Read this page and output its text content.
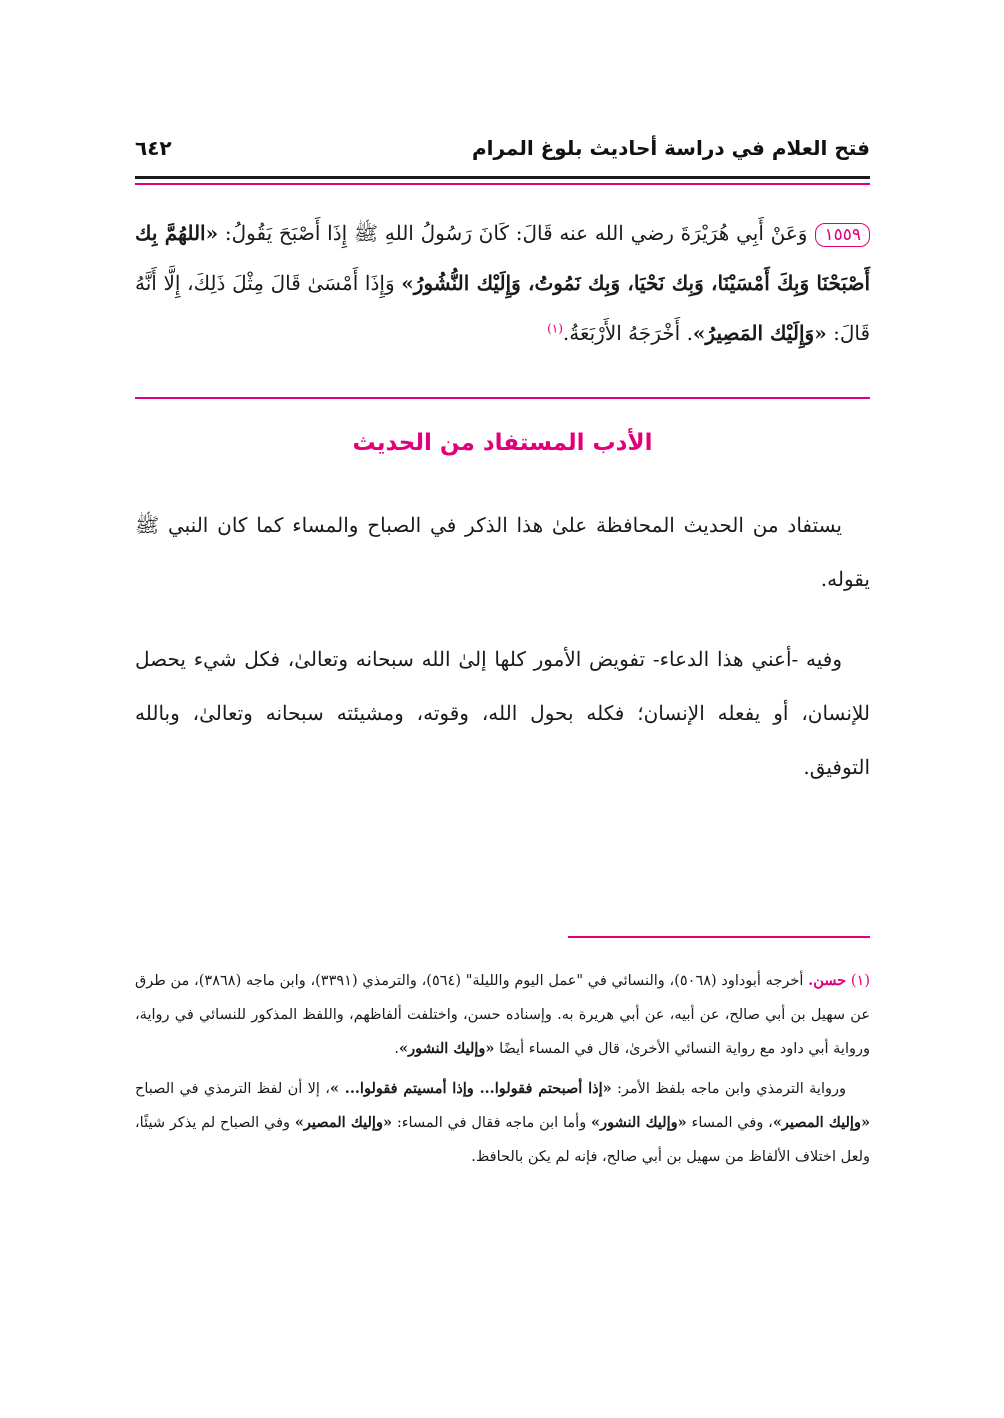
فتح العلام في دراسة أحاديث بلوغ المرام
٦٤٢
١٥٥٩وَعَنْ أَبِي هُرَيْرَةَ رضي الله عنه قَالَ: كَانَ رَسُولُ اللهِ ﷺ إِذَا أَصْبَحَ يَقُولُ: «اللهُمَّ بِك أَصْبَحْنَا وَبِكَ أَمْسَيْنَا، وَبِك نَحْيَا، وَبِك نَمُوتُ، وَإِلَيْك النُّشُورُ» وَإِذَا أَمْسَىٰ قَالَ مِثْلَ ذَلِكَ، إِلَّا أَنَّهُ قَالَ: «وَإِلَيْك المَصِيرُ». أَخْرَجَهُ الأَرْبَعَةُ.$^{(١)}$
الأدب المستفاد من الحديث
يستفاد من الحديث المحافظة علىٰ هذا الذكر في الصباح والمساء كما كان النبي ﷺ يقوله.
وفيه -أعني هذا الدعاء- تفويض الأمور كلها إلىٰ الله سبحانه وتعالىٰ، فكل شيء يحصل للإنسان، أو يفعله الإنسان؛ فكله بحول الله، وقوته، ومشيئته سبحانه وتعالىٰ، وبالله التوفيق.

(١) حسن. أخرجه أبوداود (٥٠٦٨)، والنسائي في "عمل اليوم والليلة" (٥٦٤)، والترمذي (٣٣٩١)، وابن ماجه (٣٨٦٨)، من طرق عن سهيل بن أبي صالح، عن أبيه، عن أبي هريرة به. وإسناده حسن، واختلفت ألفاظهم، واللفظ المذكور للنسائي في رواية، ورواية أبي داود مع رواية النسائي الأخرىٰ، قال في المساء أيضًا «وإليك النشور».

ورواية الترمذي وابن ماجه بلفظ الأمر: «إذا أصبحتم فقولوا... وإذا أمسيتم فقولوا... »، إلا أن لفظ الترمذي في الصباح «وإليك المصير»، وفي المساء «وإليك النشور» وأما ابن ماجه فقال في المساء: «وإليك المصير» وفي الصباح لم يذكر شيئًا، ولعل اختلاف الألفاظ من سهيل بن أبي صالح، فإنه لم يكن بالحافظ.
